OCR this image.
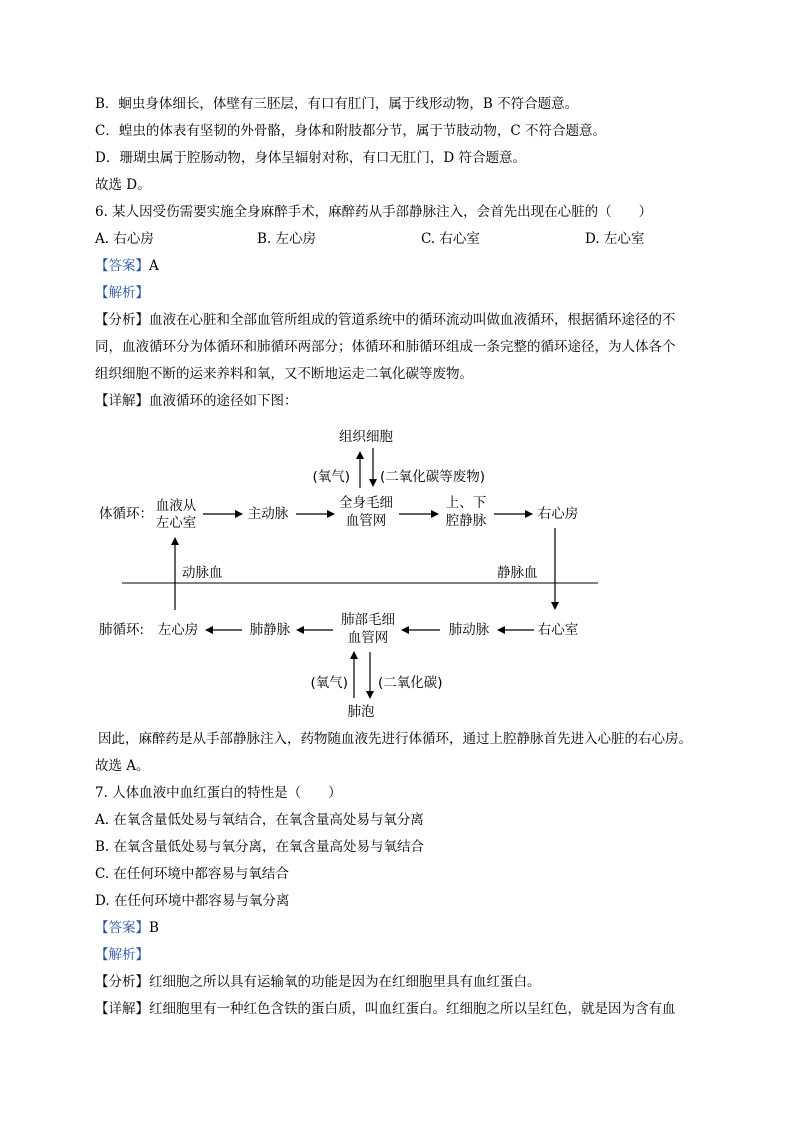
B．蛔虫身体细长，体壁有三胚层，有口有肛门，属于线形动物，B 不符合题意。
C．蝗虫的体表有坚韧的外骨骼，身体和附肢都分节，属于节肢动物，C 不符合题意。
D．珊瑚虫属于腔肠动物，身体呈辐射对称，有口无肛门，D 符合题意。
故选 D。
6. 某人因受伤需要实施全身麻醉手术，麻醉药从手部静脉注入，会首先出现在心脏的（　　）
A. 右心房	B. 左心房	C. 右心室	D. 左心室
【答案】A
【解析】
【分析】血液在心脏和全部血管所组成的管道系统中的循环流动叫做血液循环，根据循环途径的不
同，血液循环分为体循环和肺循环两部分；体循环和肺循环组成一条完整的循环途径，为人体各个
组织细胞不断的运来养料和氧，又不断地运走二氧化碳等废物。
【详解】血液循环的途径如下图：
组织细胞
(氧气) (二氧化碳等废物)
体循环： 血液从
左心室
主动脉
全身毛细
血管网
上、下
腔静脉	右心房
动脉血	静脉血
肺循环: 左心房	肺静脉
肺部毛细
血管网	肺动脉	右心室
(氧气) (二氧化碳)
肺泡
因此，麻醉药是从手部静脉注入，药物随血液先进行体循环，通过上腔静脉首先进入心脏的右心房。
故选 A。
7. 人体血液中血红蛋白的特性是（　　）
A. 在氧含量低处易与氧结合，在氧含量高处易与氧分离
B. 在氧含量低处易与氧分离，在氧含量高处易与氧结合
C. 在任何环境中都容易与氧结合
D. 在任何环境中都容易与氧分离
【答案】B
【解析】
【分析】红细胞之所以具有运输氧的功能是因为在红细胞里具有血红蛋白。
【详解】红细胞里有一种红色含铁的蛋白质，叫血红蛋白。红细胞之所以呈红色，就是因为含有血
